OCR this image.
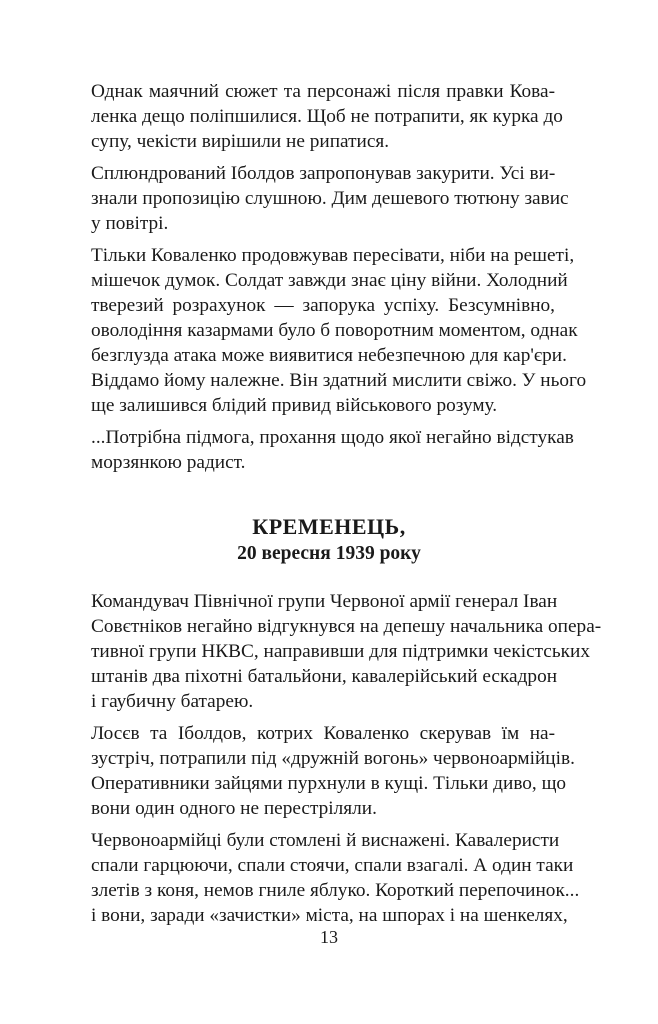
Однак маячний сюжет та персонажі після правки Кова-
ленка дещо поліпшилися. Щоб не потрапити, як курка до
супу, чекісти вирішили не рипатися.
Сплюндрований Іболдов запропонував закурити. Усі ви-
знали пропозицію слушною. Дим дешевого тютюну завис
у повітрі.
Тільки Коваленко продовжував пересівати, ніби на решеті,
мішечок думок. Солдат завжди знає ціну війни. Холодний
тверезий розрахунок — запорука успіху. Безсумнівно,
оволодіння казармами було б поворотним моментом, однак
безглузда атака може виявитися небезпечною для кар'єри.
Віддамо йому належне. Він здатний мислити свіжо. У нього
ще залишився блідий привид військового розуму.
...Потрібна підмога, прохання щодо якої негайно відстукав
морзянкою радист.
КРЕМЕНЕЦЬ,
20 вересня 1939 року
Командувач Північної групи Червоної армії генерал Іван
Совєтніков негайно відгукнувся на депешу начальника опера-
тивної групи НКВС, направивши для підтримки чекістських
штанів два піхотні батальйони, кавалерійський ескадрон
і гаубичну батарею.
Лосєв та Іболдов, котрих Коваленко скерував їм на-
зустріч, потрапили під «дружній вогонь» червоноармійців.
Оперативники зайцями пурхнули в кущі. Тільки диво, що
вони один одного не перестріляли.
Червоноармійці були стомлені й виснажені. Кавалеристи
спали гарцюючи, спали стоячи, спали взагалі. А один таки
злетів з коня, немов гниле яблуко. Короткий перепочинок...
і вони, заради «зачистки» міста, на шпорах і на шенкелях,
13
